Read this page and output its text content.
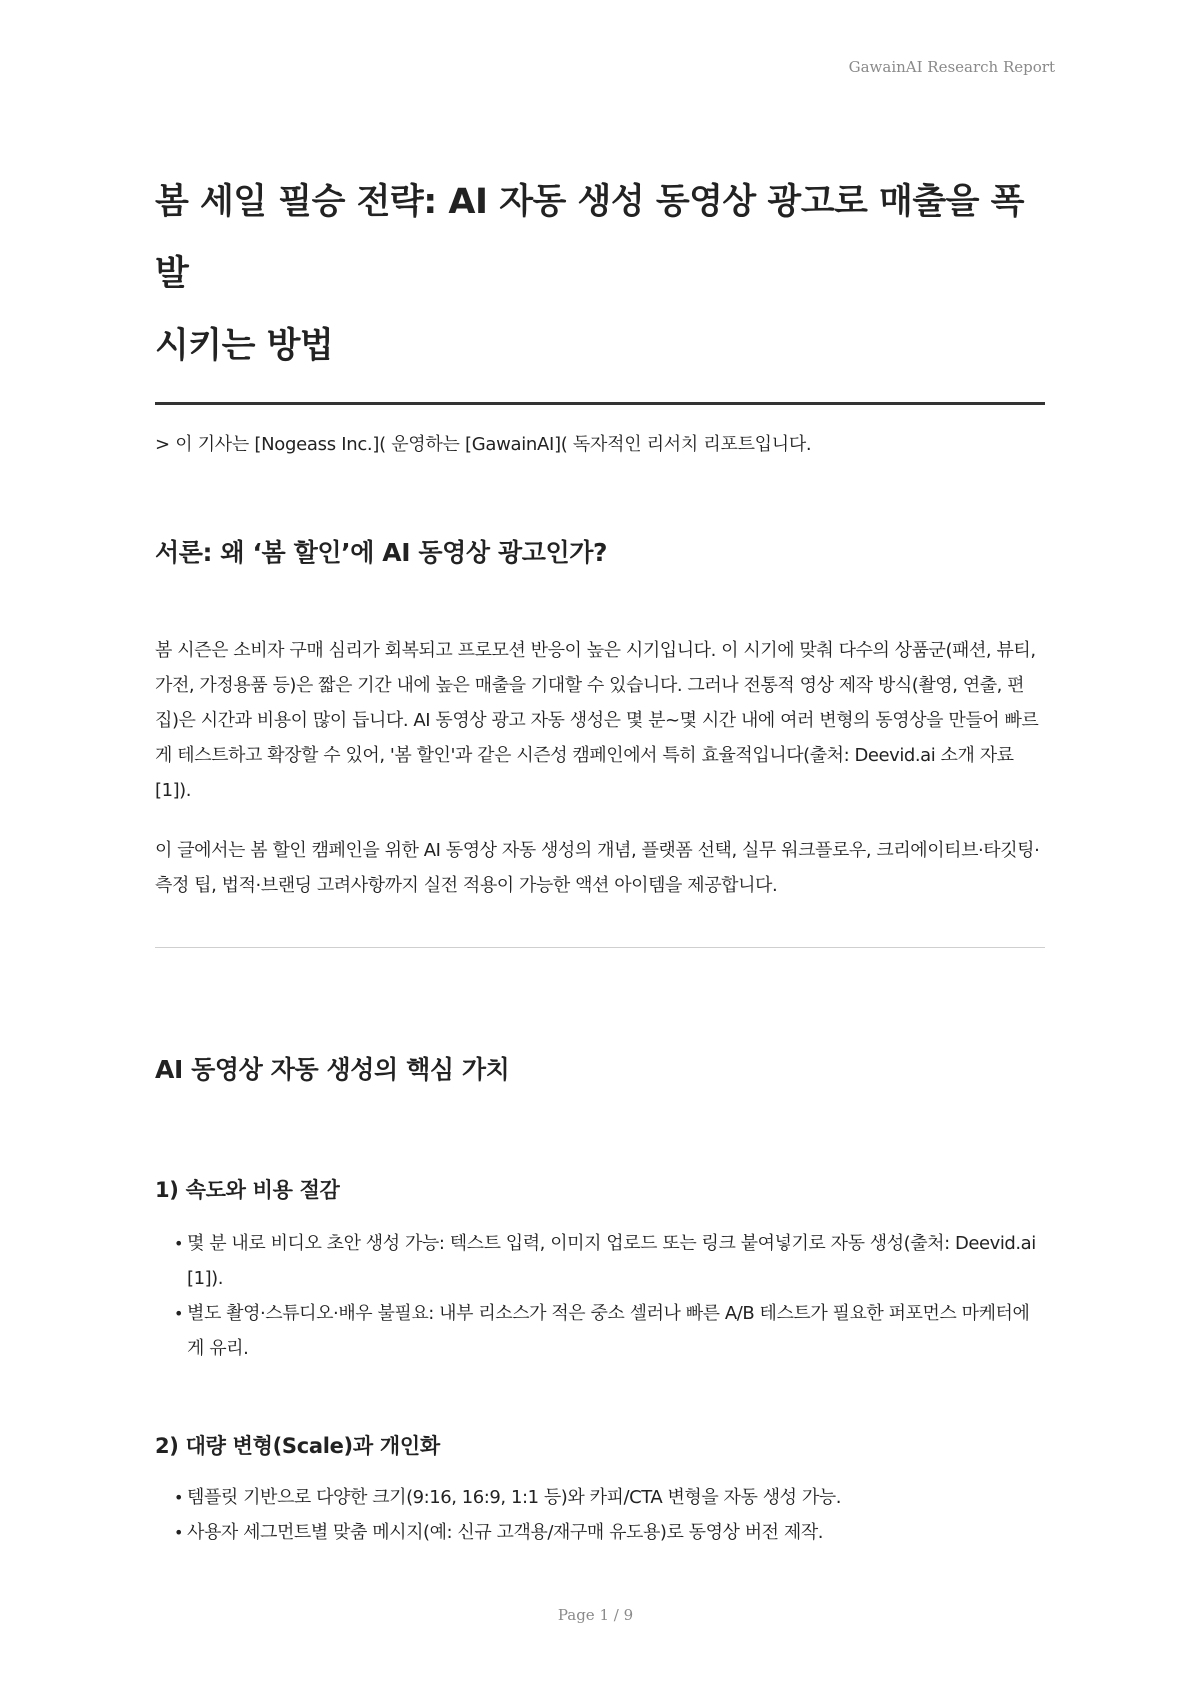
GawainAI Research Report
봄 세일 필승 전략: AI 자동 생성 동영상 광고로 매출을 폭발
시키는 방법
> 이 기사는 [Nogeass Inc.]( 운영하는 [GawainAI]( 독자적인 리서치 리포트입니다.
서론: 왜 ‘봄 할인’에 AI 동영상 광고인가?

봄 시즌은 소비자 구매 심리가 회복되고 프로모션 반응이 높은 시기입니다. 이 시기에 맞춰 다수의 상품군(패션, 뷰티, 가전, 가정용품 등)은 짧은 기간 내에 높은 매출을 기대할 수 있습니다. 그러나 전통적 영상 제작 방식(촬영, 연출, 편집)은 시간과 비용이 많이 듭니다. AI 동영상 광고 자동 생성은 몇 분~몇 시간 내에 여러 변형의 동영상을 만들어 빠르게 테스트하고 확장할 수 있어, '봄 할인'과 같은 시즌성 캠페인에서 특히 효율적입니다(출처: Deevid.ai 소개 자료 [1]).

이 글에서는 봄 할인 캠페인을 위한 AI 동영상 자동 생성의 개념, 플랫폼 선택, 실무 워크플로우, 크리에이티브·타깃팅·측정 팁, 법적·브랜딩 고려사항까지 실전 적용이 가능한 액션 아이템을 제공합니다.

AI 동영상 자동 생성의 핵심 가치
1) 속도와 비용 절감
• 몇 분 내로 비디오 초안 생성 가능: 텍스트 입력, 이미지 업로드 또는 링크 붙여넣기로 자동 생성(출처: Deevid.ai [1]).
• 별도 촬영·스튜디오·배우 불필요: 내부 리소스가 적은 중소 셀러나 빠른 A/B 테스트가 필요한 퍼포먼스 마케터에게 유리.
2) 대량 변형(Scale)과 개인화
• 템플릿 기반으로 다양한 크기(9:16, 16:9, 1:1 등)와 카피/CTA 변형을 자동 생성 가능.
• 사용자 세그먼트별 맞춤 메시지(예: 신규 고객용/재구매 유도용)로 동영상 버전 제작.
Page 1 / 9
